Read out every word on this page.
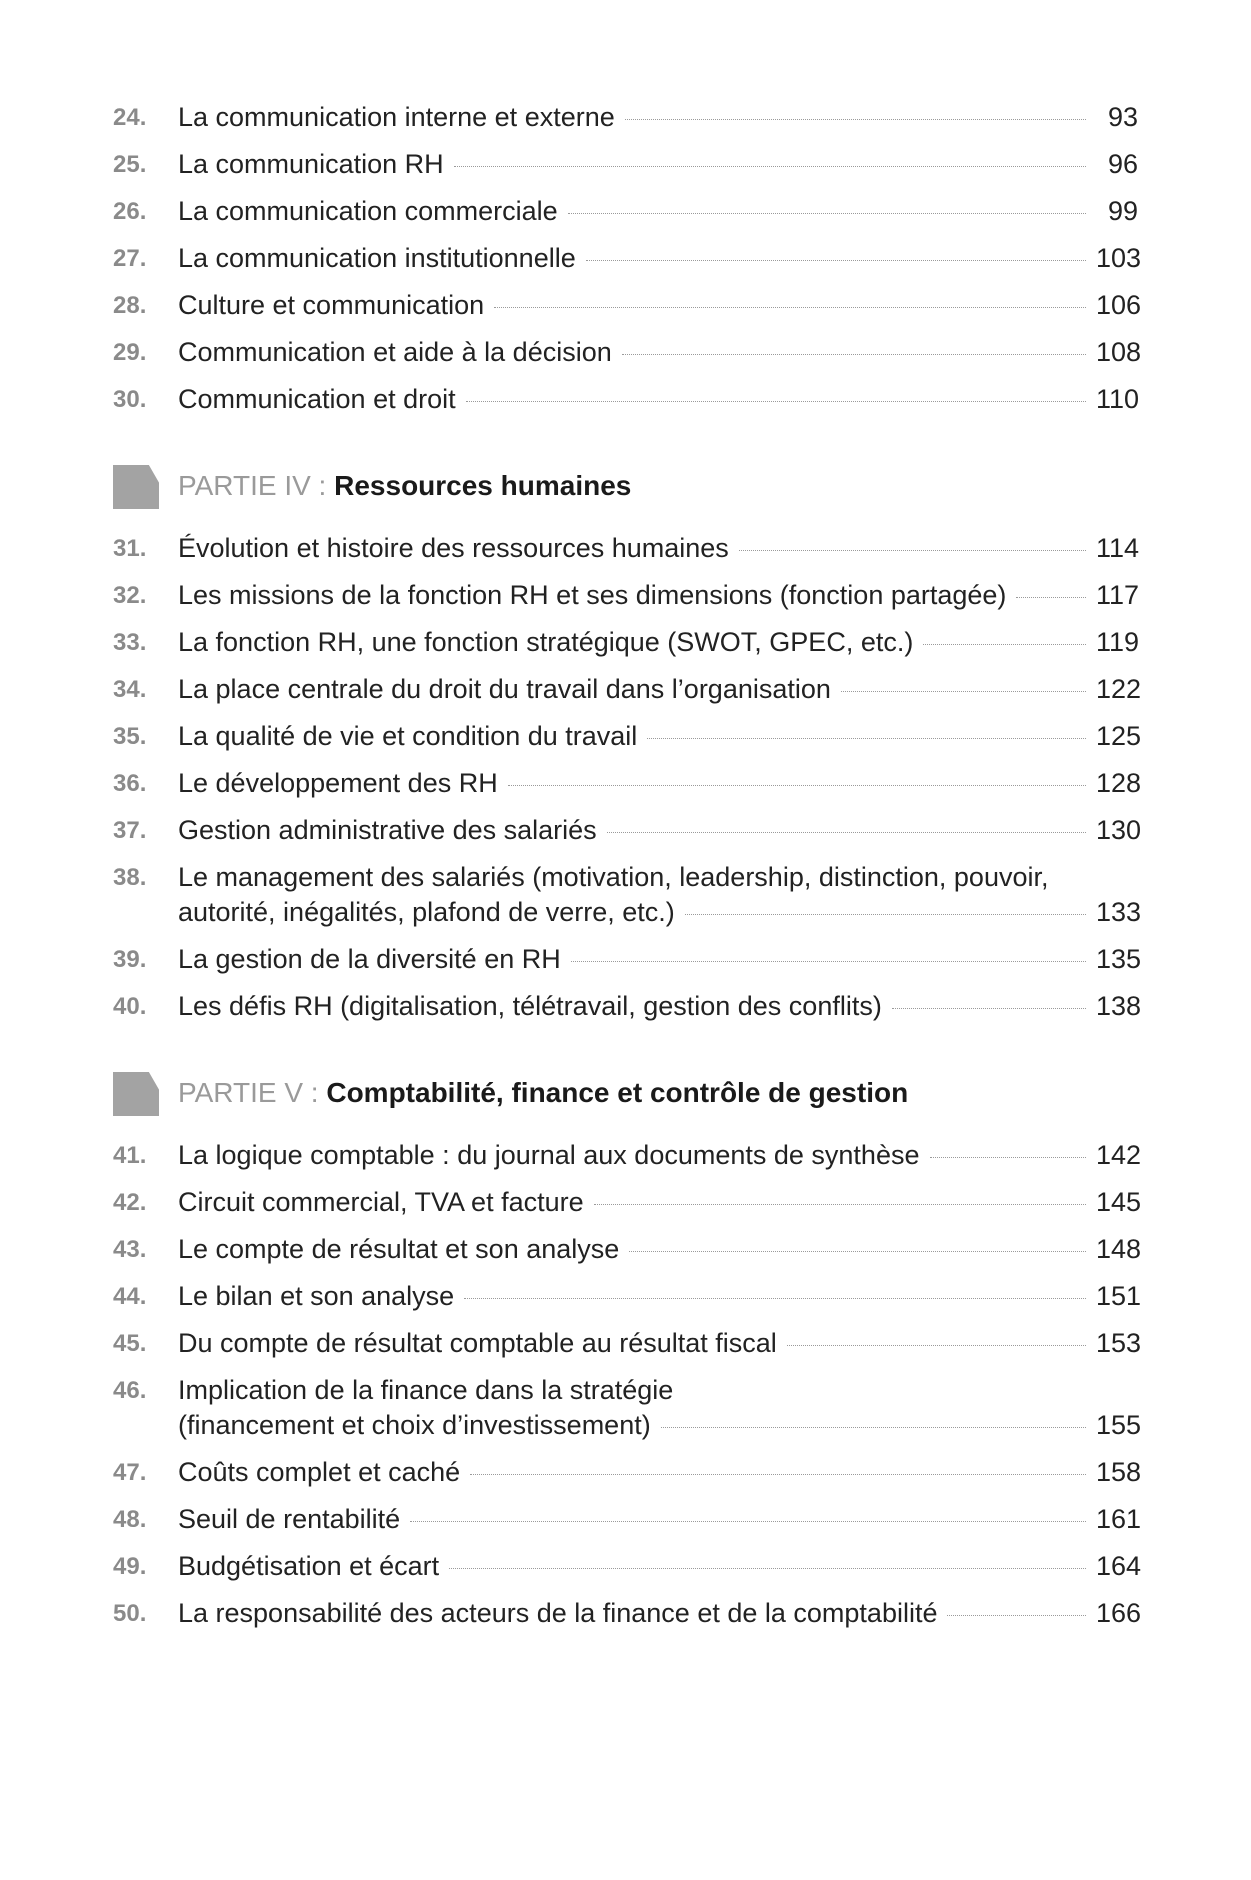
24.	La communication interne et externe	93
25.	La communication RH	96
26.	La communication commerciale	99
27.	La communication institutionnelle	103
28.	Culture et communication	106
29.	Communication et aide à la décision	108
30.	Communication et droit	110
PARTIE IV : Ressources humaines
31.	Évolution et histoire des ressources humaines	114
32.	Les missions de la fonction RH et ses dimensions (fonction partagée)	117
33.	La fonction RH, une fonction stratégique (SWOT, GPEC, etc.)	119
34.	La place centrale du droit du travail dans l’organisation	122
35.	La qualité de vie et condition du travail	125
36.	Le développement des RH	128
37.	Gestion administrative des salariés	130
38.	Le management des salariés (motivation, leadership, distinction, pouvoir,
autorité, inégalités, plafond de verre, etc.)	133
39.	La gestion de la diversité en RH	135
40.	Les défis RH (digitalisation, télétravail, gestion des conflits)	138
PARTIE V : Comptabilité, finance et contrôle de gestion
41.	La logique comptable : du journal aux documents de synthèse	142
42.	Circuit commercial, TVA et facture	145
43.	Le compte de résultat et son analyse	148
44.	Le bilan et son analyse	151
45.	Du compte de résultat comptable au résultat fiscal	153
46.	Implication de la finance dans la stratégie
(financement et choix d’investissement)	155
47.	Coûts complet et caché	158
48.	Seuil de rentabilité	161
49.	Budgétisation et écart	164
50.	La responsabilité des acteurs de la finance et de la comptabilité	166
